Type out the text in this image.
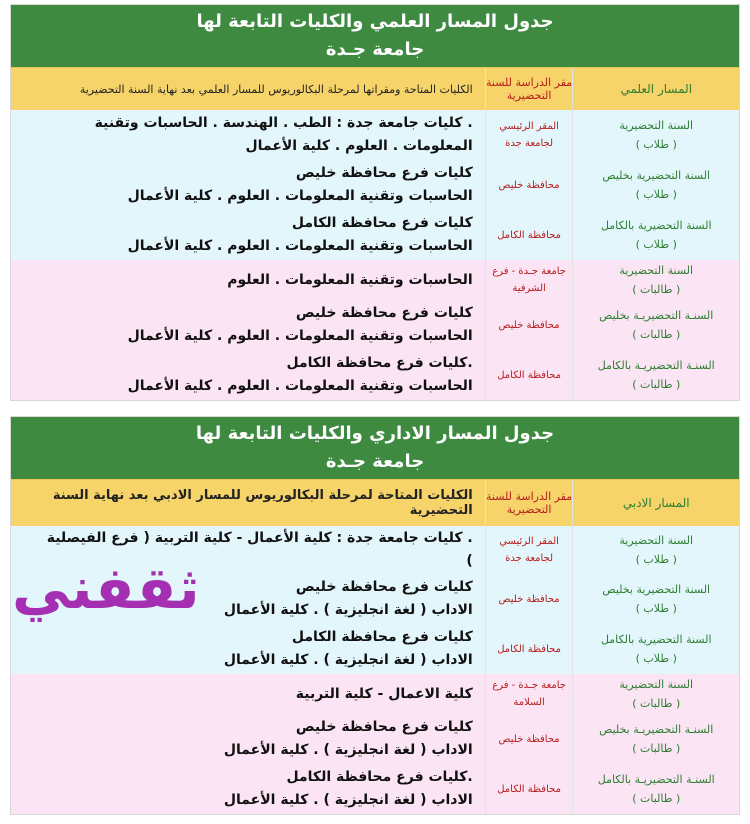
جدول المسار العلمي والكليات التابعة لها
جامعة جـدة
المسار العلمي
مقر الدراسة للسنة التحضيرية
الكليات المتاحة ومقراتها لمرحلة البكالوريوس للمسار العلمي بعد نهاية السنة التحضيرية
السنة التحضيرية
( طلاب )
المقر الرئيسي لجامعة جدة
. كليات جامعة جدة : الطب . الهندسة . الحاسبات وتقنية
المعلومات . العلوم . كلية الأعمال
السنة التحضيرية بخليص
( طلاب )
محافظة خليص
كليات فرع محافظة خليص
الحاسبات وتقنية المعلومات . العلوم . كلية الأعمال
السنة التحضيرية بالكامل
( طلاب )
محافظة الكامل
كليات فرع محافظة الكامل
الحاسبات وتقنية المعلومات . العلوم . كلية الأعمال
السنة التحضيرية
( طالبات )
جامعة جـدة - فرع الشرفية
الحاسبات وتقنية المعلومات . العلوم
السنـة التحضيريـة بخليص
( طالبات )
محافظة خليص
كليات فرع محافظة خليص
الحاسبات وتقنية المعلومات . العلوم . كلية الأعمال
السنـة التحضيريـة بالكامل
( طالبات )
محافظة الكامل
.كليات فرع محافظة الكامل
الحاسبات وتقنية المعلومات . العلوم . كلية الأعمال
جدول المسار الاداري والكليات التابعة لها
جامعة جـدة
المسار الادبي
مقر الدراسة للسنة التحضيرية
الكليات المتاحة لمرحلة البكالوريوس للمسار الادبي بعد نهاية السنة التحضيرية
السنة التحضيرية
( طلاب )
المقر الرئيسي لجامعة جدة
. كليات جامعة جدة : كلية الأعمال - كلية التربية ( فرع الفيصلية
)
السنة التحضيرية بخليص
( طلاب )
محافظة خليص
كليات فرع محافظة خليص
الاداب ( لغة انجليزية ) . كلية الأعمال
السنة التحضيرية بالكامل
( طلاب )
محافظة الكامل
كليات فرع محافظة الكامل
الاداب ( لغة انجليزية ) . كلية الأعمال
السنة التحضيرية
( طالبات )
جامعة جـدة - فرع السلامة
كلية الاعمال - كلية التربية
السنـة التحضيريـة بخليص
( طالبات )
محافظة خليص
كليات فرع محافظة خليص
الاداب ( لغة انجليزية ) . كلية الأعمال
السنـة التحضيريـة بالكامل
( طالبات )
محافظة الكامل
.كليات فرع محافظة الكامل
الاداب ( لغة انجليزية ) . كلية الأعمال
ثقفني
